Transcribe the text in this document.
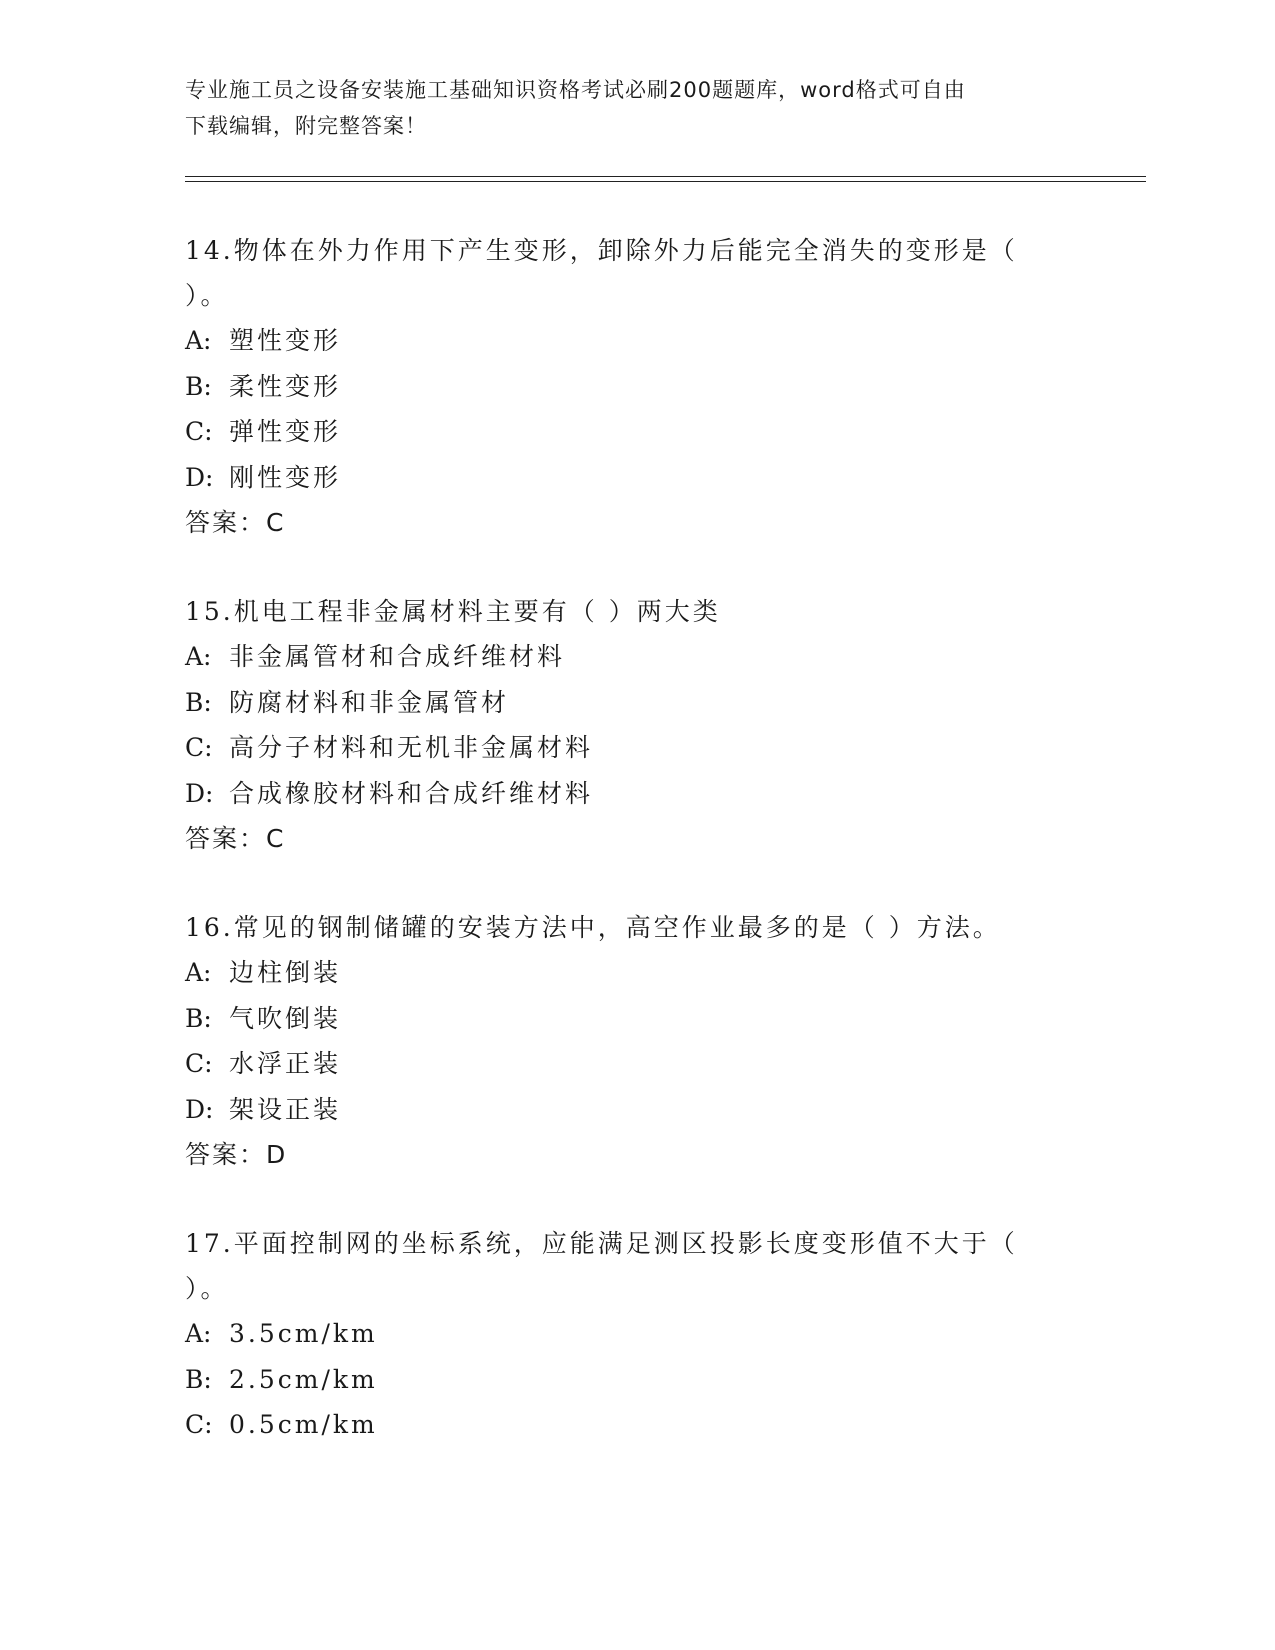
专业施工员之设备安装施工基础知识资格考试必刷200题题库，word格式可自由
下载编辑，附完整答案！
14.物体在外力作用下产生变形，卸除外力后能完全消失的变形是（
）。
A: 塑性变形
B: 柔性变形
C: 弹性变形
D: 刚性变形
答案：C
15.机电工程非金属材料主要有（ ）两大类
A: 非金属管材和合成纤维材料
B: 防腐材料和非金属管材
C: 高分子材料和无机非金属材料
D: 合成橡胶材料和合成纤维材料
答案：C
16.常见的钢制储罐的安装方法中，高空作业最多的是（ ）方法。
A: 边柱倒装
B: 气吹倒装
C: 水浮正装
D: 架设正装
答案：D
17.平面控制网的坐标系统，应能满足测区投影长度变形值不大于（
）。
A: 3.5cm/km
B: 2.5cm/km
C: 0.5cm/km
